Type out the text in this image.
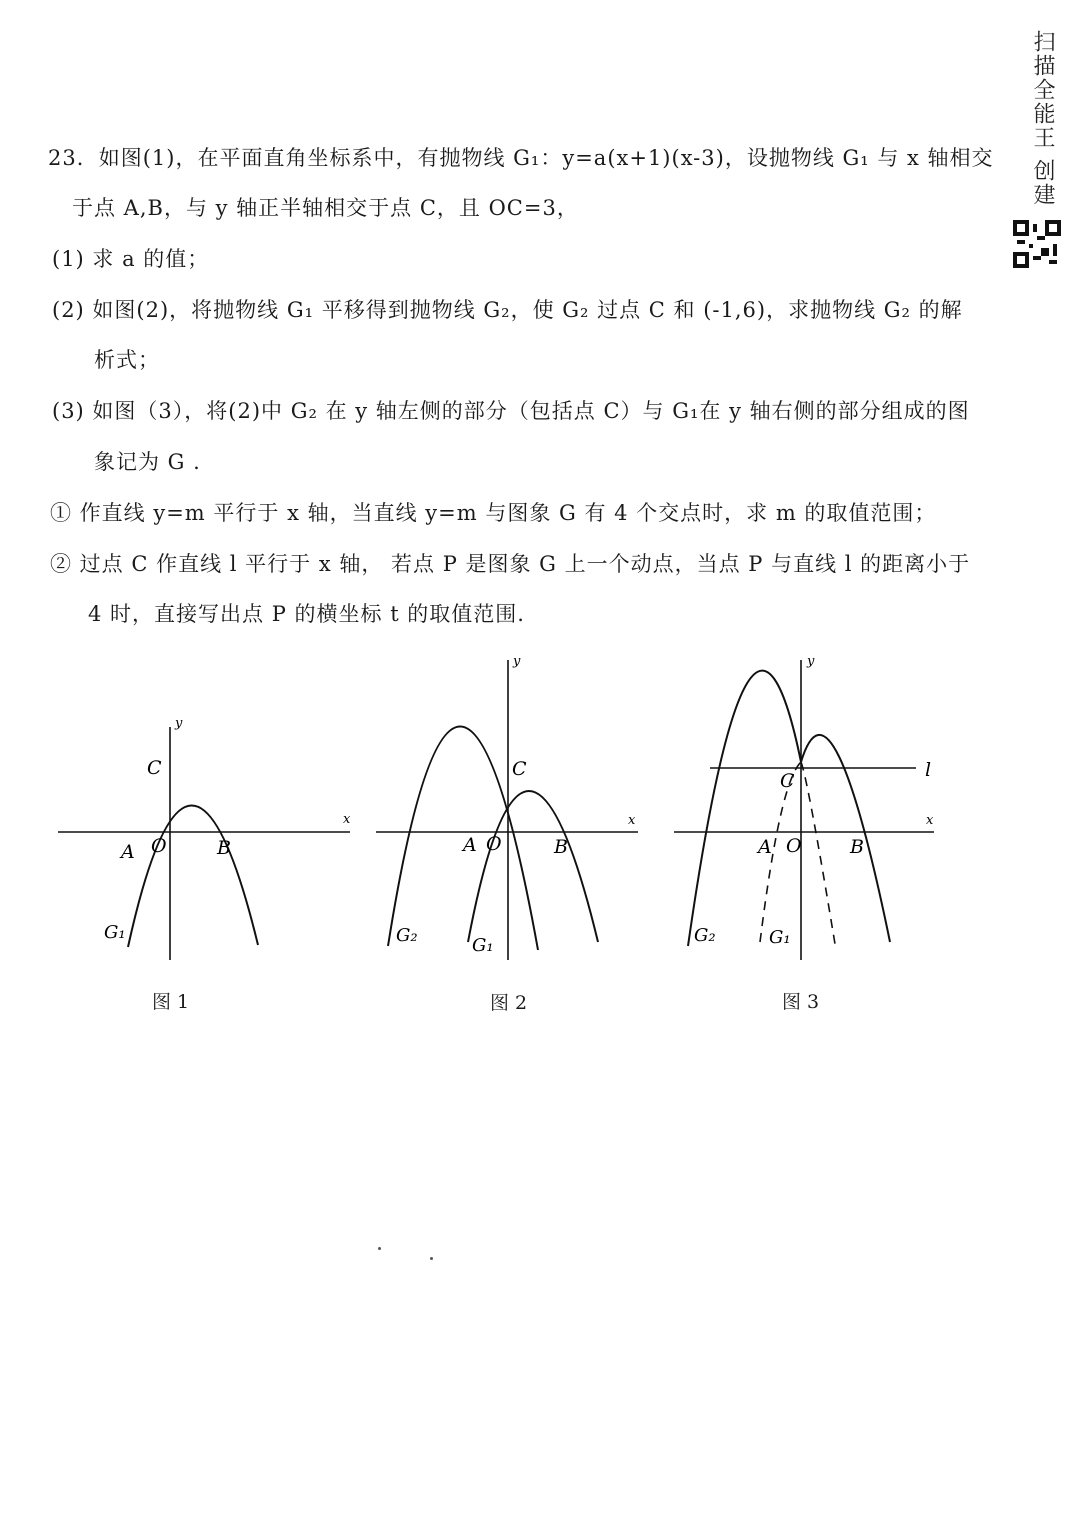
扫描全能王 创建
23．如图(1)，在平面直角坐标系中，有抛物线 G₁：y=a(x+1)(x-3)，设抛物线 G₁ 与 x 轴相交
于点 A,B，与 y 轴正半轴相交于点 C，且 OC=3，
(1) 求 a 的值；
(2) 如图(2)，将抛物线 G₁ 平移得到抛物线 G₂，使 G₂ 过点 C 和 (-1,6)，求抛物线 G₂ 的解
析式；
(3) 如图（3），将(2)中 G₂ 在 y 轴左侧的部分（包括点 C）与 G₁在 y 轴右侧的部分组成的图
象记为 G .
① 作直线 y=m 平行于 x 轴，当直线 y=m 与图象 G 有 4 个交点时，求 m 的取值范围；
② 过点 C 作直线 l 平行于 x 轴， 若点 P 是图象 G 上一个动点，当点 P 与直线 l 的距离小于
4 时，直接写出点 P 的横坐标 t 的取值范围.
x
y
C
A O	B
G₁
图 1
x
y
C
A O	B
G₂	G₁
图 2
x
y
l
C
A O	B
G₂	G₁
图 3
